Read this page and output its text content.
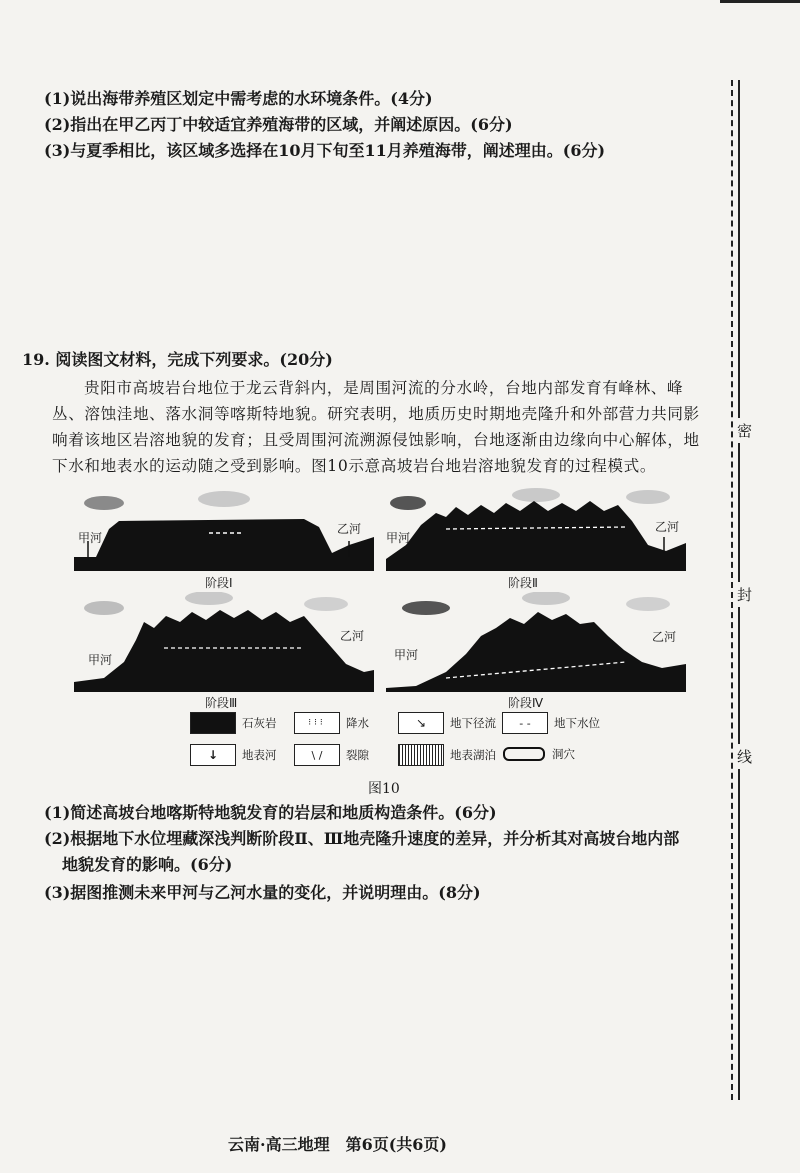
(1)说出海带养殖区划定中需考虑的水环境条件。(4分)
(2)指出在甲乙丙丁中较适宜养殖海带的区域，并阐述原因。(6分)
(3)与夏季相比，该区域多选择在10月下旬至11月养殖海带，阐述理由。(6分)
密
封
线
19. 阅读图文材料，完成下列要求。(20分)
贵阳市高坡岩台地位于龙云背斜内，是周围河流的分水岭，台地内部发育有峰林、峰丛、溶蚀洼地、落水洞等喀斯特地貌。研究表明，地质历史时期地壳隆升和外部营力共同影响着该地区岩溶地貌的发育；且受周围河流溯源侵蚀影响，台地逐渐由边缘向中心解体，地下水和地表水的运动随之受到影响。图10示意高坡岩台地岩溶地貌发育的过程模式。
甲河
乙河
阶段Ⅰ
甲河
乙河
阶段Ⅱ
甲河
乙河
阶段Ⅲ
甲河
乙河
阶段Ⅳ
石灰岩	⁝⁝⁝	降水	↘	地下径流	- -	地下水位
↓	地表河	\ /	裂隙	地表湖泊	洞穴
图10
(1)简述高坡台地喀斯特地貌发育的岩层和地质构造条件。(6分)
(2)根据地下水位埋藏深浅判断阶段Ⅱ、Ⅲ地壳隆升速度的差异，并分析其对高坡台地内部
地貌发育的影响。(6分)
(3)据图推测未来甲河与乙河水量的变化，并说明理由。(8分)
云南·高三地理　第6页(共6页)
